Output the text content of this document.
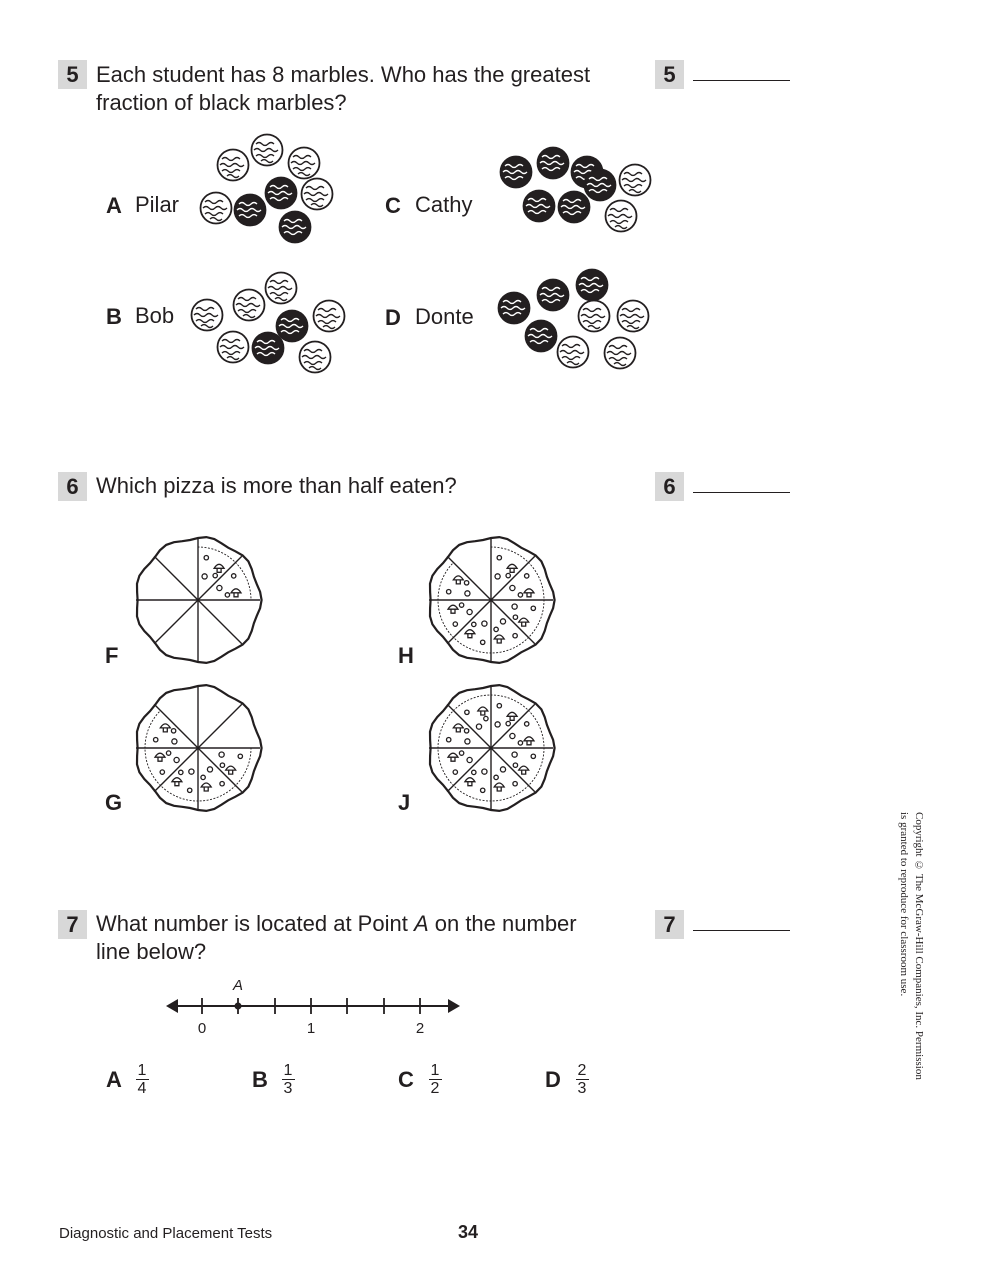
5 Each student has 8 marbles. Who has the greatest
fraction of black marbles?
5
A Pilar	C Cathy
B Bob	D Donte
6 Which pizza is more than half eaten?	6
F	H
G	J
7 What number is located at Point A on the number
line below?
7
A
0	1	2
A 1
4	B 1
3	C 1
2	D 2
3
Copyright © The McGraw-Hill Companies, Inc. Permission
is granted to reproduce for classroom use.
Diagnostic and Placement Tests	34
